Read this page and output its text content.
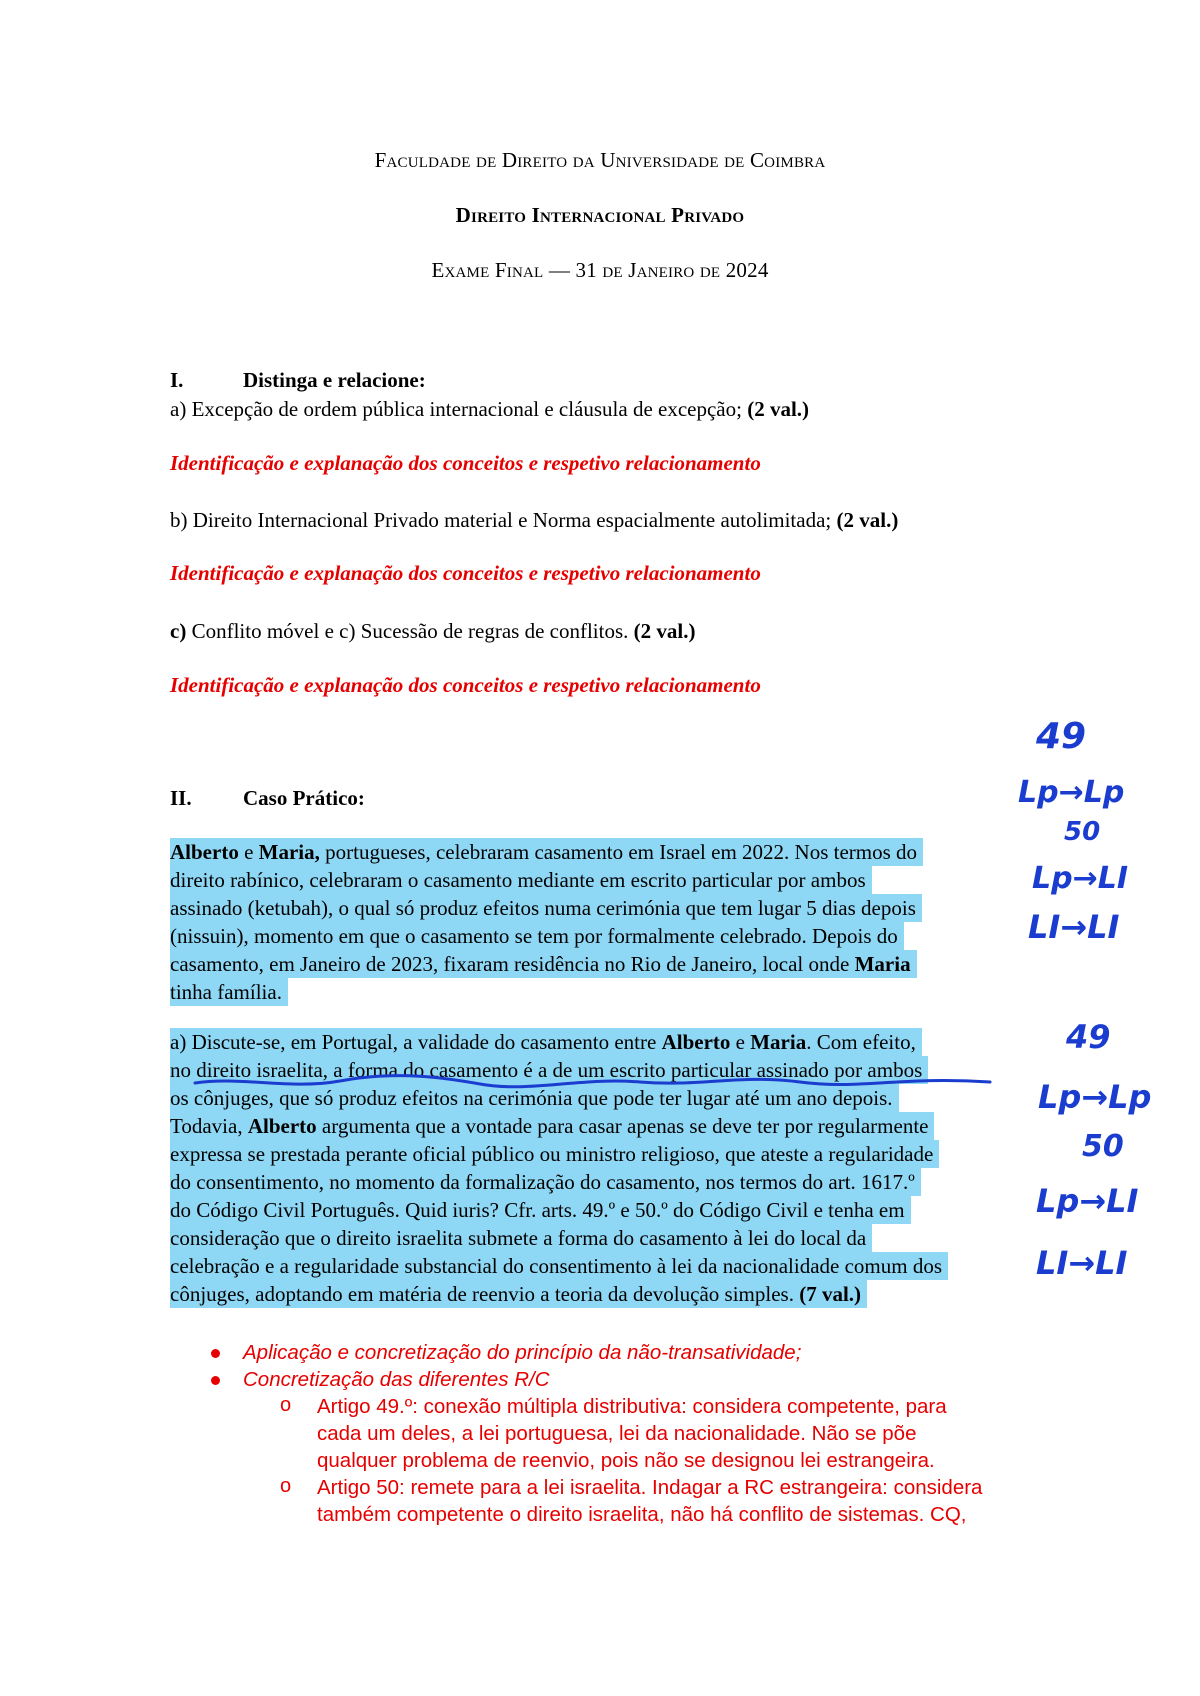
Faculdade de Direito da Universidade de Coimbra
Direito Internacional Privado
Exame Final — 31 de Janeiro de 2024
I.	Distinga e relacione:
a) Excepção de ordem pública internacional e cláusula de excepção; (2 val.)
Identificação e explanação dos conceitos e respetivo relacionamento
b) Direito Internacional Privado material e Norma espacialmente autolimitada; (2 val.)
Identificação e explanação dos conceitos e respetivo relacionamento
c) Conflito móvel e c) Sucessão de regras de conflitos. (2 val.)
Identificação e explanação dos conceitos e respetivo relacionamento
II. Caso Prático:
Alberto e Maria, portugueses, celebraram casamento em Israel em 2022. Nos termos do
direito rabínico, celebraram o casamento mediante em escrito particular por ambos
assinado (ketubah), o qual só produz efeitos numa cerimónia que tem lugar 5 dias depois
(nissuin), momento em que o casamento se tem por formalmente celebrado. Depois do
casamento, em Janeiro de 2023, fixaram residência no Rio de Janeiro, local onde Maria
tinha família.
a) Discute-se, em Portugal, a validade do casamento entre Alberto e Maria. Com efeito,
no direito israelita, a forma do casamento é a de um escrito particular assinado por ambos
os cônjuges, que só produz efeitos na cerimónia que pode ter lugar até um ano depois.
Todavia, Alberto argumenta que a vontade para casar apenas se deve ter por regularmente
expressa se prestada perante oficial público ou ministro religioso, que ateste a regularidade
do consentimento, no momento da formalização do casamento, nos termos do art. 1617.º
do Código Civil Português. Quid iuris? Cfr. arts. 49.º e 50.º do Código Civil e tenha em
consideração que o direito israelita submete a forma do casamento à lei do local da
celebração e a regularidade substancial do consentimento à lei da nacionalidade comum dos
cônjuges, adoptando em matéria de reenvio a teoria da devolução simples. (7 val.)
49
Lp→Lp
50
Lp→LI
LI→LI
49
Lp→Lp
50
Lp→LI
LI→LI
Aplicação e concretização do princípio da não-transatividade;
Concretização das diferentes R/C
o Artigo 49.º: conexão múltipla distributiva: considera competente, para
cada um deles, a lei portuguesa, lei da nacionalidade. Não se põe
qualquer problema de reenvio, pois não se designou lei estrangeira.
o Artigo 50: remete para a lei israelita. Indagar a RC estrangeira: considera
também competente o direito israelita, não há conflito de sistemas. CQ,
